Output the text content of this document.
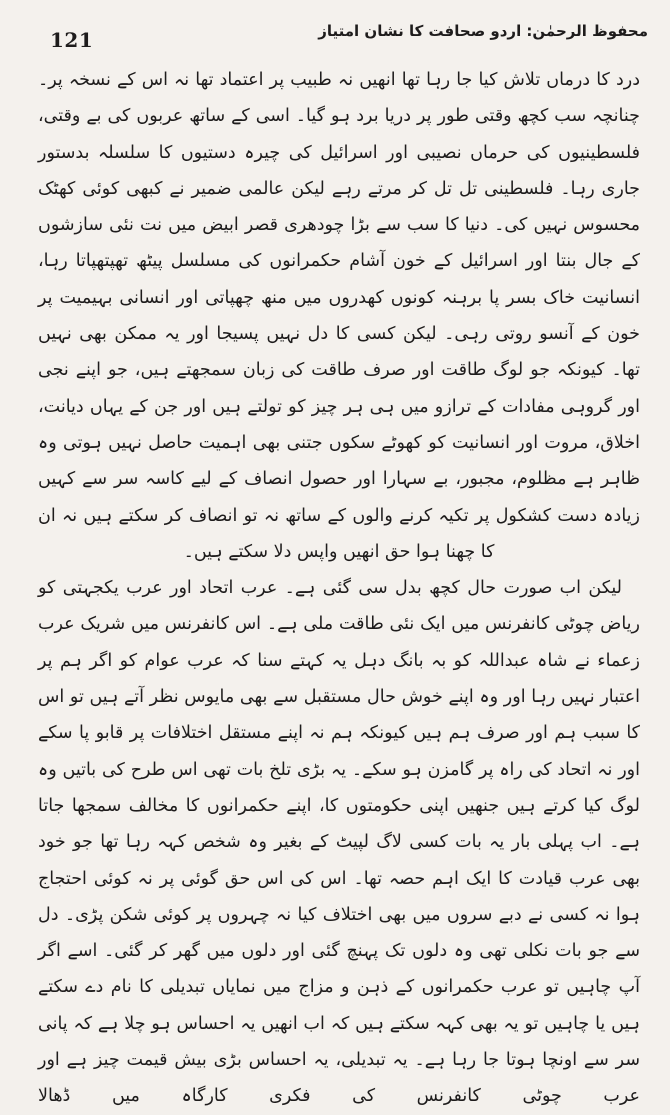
121	محفوظ الرحمٰن: اردو صحافت کا نشان امتیاز

درد کا درماں تلاش کیا جا رہا تھا انھیں نہ طبیب پر اعتماد تھا نہ اس کے نسخہ پر۔ چنانچہ سب کچھ وقتی طور پر دریا برد ہو گیا۔ اسی کے ساتھ عربوں کی بے وقتی، فلسطینیوں کی حرماں نصیبی اور اسرائیل کی چیرہ دستیوں کا سلسلہ بدستور جاری رہا۔ فلسطینی تل تل کر مرتے رہے لیکن عالمی ضمیر نے کبھی کوئی کھٹک محسوس نہیں کی۔ دنیا کا سب سے بڑا چودھری قصر ابیض میں نت نئی سازشوں کے جال بنتا اور اسرائیل کے خون آشام حکمرانوں کی مسلسل پیٹھ تھپتھپاتا رہا، انسانیت خاک بسر پا برہنہ کونوں کھدروں میں منھ چھپاتی اور انسانی بہیمیت پر خون کے آنسو روتی رہی۔ لیکن کسی کا دل نہیں پسیجا اور یہ ممکن بھی نہیں تھا۔ کیونکہ جو لوگ طاقت اور صرف طاقت کی زبان سمجھتے ہیں، جو اپنے نجی اور گروہی مفادات کے ترازو میں ہی ہر چیز کو تولتے ہیں اور جن کے یہاں دیانت، اخلاق، مروت اور انسانیت کو کھوٹے سکوں جتنی بھی اہمیت حاصل نہیں ہوتی وہ ظاہر ہے مظلوم، مجبور، بے سہارا اور حصول انصاف کے لیے کاسہ سر سے کہیں زیادہ دست کشکول پر تکیہ کرنے والوں کے ساتھ نہ تو انصاف کر سکتے ہیں نہ ان کا چھنا ہوا حق انھیں واپس دلا سکتے ہیں۔

لیکن اب صورت حال کچھ بدل سی گئی ہے۔ عرب اتحاد اور عرب یکجہتی کو ریاض چوٹی کانفرنس میں ایک نئی طاقت ملی ہے۔ اس کانفرنس میں شریک عرب زعماء نے شاہ عبداللہ کو بہ بانگ دہل یہ کہتے سنا کہ عرب عوام کو اگر ہم پر اعتبار نہیں رہا اور وہ اپنے خوش حال مستقبل سے بھی مایوس نظر آتے ہیں تو اس کا سبب ہم اور صرف ہم ہیں کیونکہ ہم نہ اپنے مستقل اختلافات پر قابو پا سکے اور نہ اتحاد کی راہ پر گامزن ہو سکے۔ یہ بڑی تلخ بات تھی اس طرح کی باتیں وہ لوگ کیا کرتے ہیں جنھیں اپنی حکومتوں کا، اپنے حکمرانوں کا مخالف سمجھا جاتا ہے۔ اب پہلی بار یہ بات کسی لاگ لپیٹ کے بغیر وہ شخص کہہ رہا تھا جو خود بھی عرب قیادت کا ایک اہم حصہ تھا۔ اس کی اس حق گوئی پر نہ کوئی احتجاج ہوا نہ کسی نے دبے سروں میں بھی اختلاف کیا نہ چہروں پر کوئی شکن پڑی۔ دل سے جو بات نکلی تھی وہ دلوں تک پہنچ گئی اور دلوں میں گھر کر گئی۔ اسے اگر آپ چاہیں تو عرب حکمرانوں کے ذہن و مزاج میں نمایاں تبدیلی کا نام دے سکتے ہیں یا چاہیں تو یہ بھی کہہ سکتے ہیں کہ اب انھیں یہ احساس ہو چلا ہے کہ پانی سر سے اونچا ہوتا جا رہا ہے۔ یہ تبدیلی، یہ احساس بڑی بیش قیمت چیز ہے اور عرب چوٹی کانفرنس کی فکری کارگاہ میں ڈھالا
